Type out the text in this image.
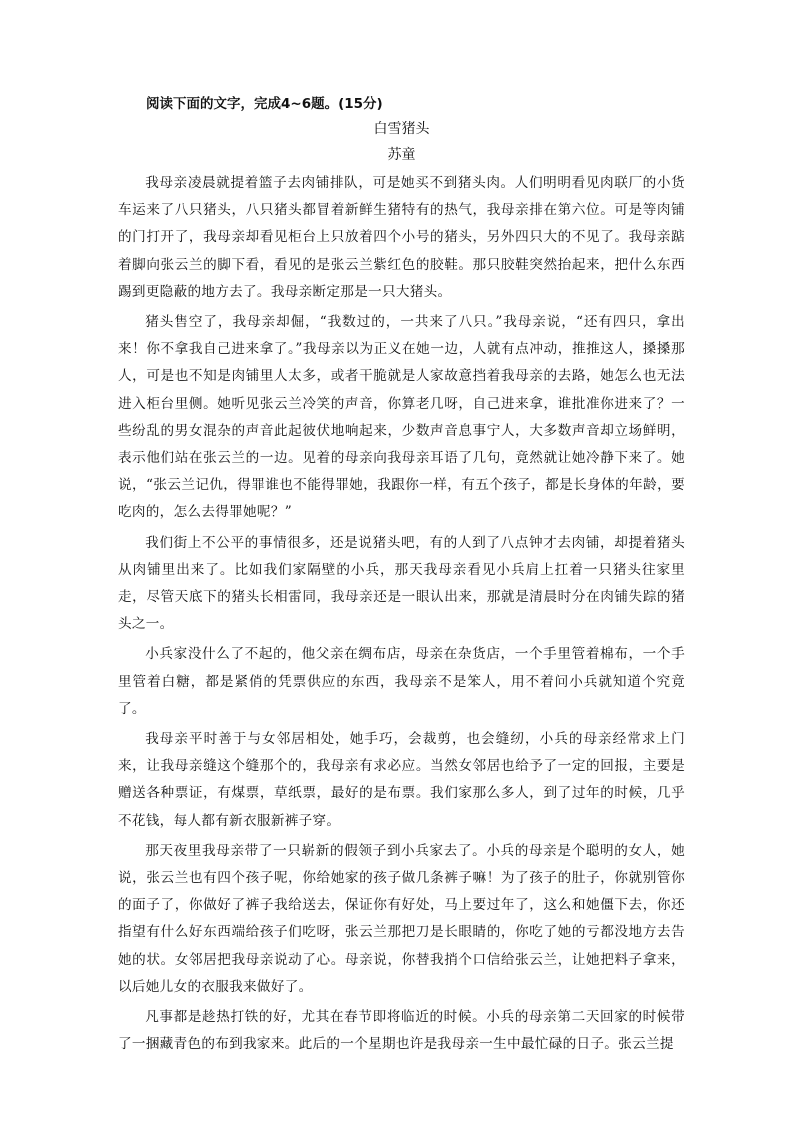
阅读下面的文字，完成4~6题。(15分)

白雪猪头

苏童

我母亲凌晨就提着篮子去肉铺排队，可是她买不到猪头肉。人们明明看见肉联厂的小货车运来了八只猪头，八只猪头都冒着新鲜生猪特有的热气，我母亲排在第六位。可是等肉铺的门打开了，我母亲却看见柜台上只放着四个小号的猪头，另外四只大的不见了。我母亲踮着脚向张云兰的脚下看，看见的是张云兰紫红色的胶鞋。那只胶鞋突然抬起来，把什么东西踢到更隐蔽的地方去了。我母亲断定那是一只大猪头。

猪头售空了，我母亲却倔，“我数过的，一共来了八只。”我母亲说，“还有四只，拿出来！你不拿我自己进来拿了。”我母亲以为正义在她一边，人就有点冲动，推推这人，搡搡那人，可是也不知是肉铺里人太多，或者干脆就是人家故意挡着我母亲的去路，她怎么也无法进入柜台里侧。她听见张云兰冷笑的声音，你算老几呀，自己进来拿，谁批准你进来了？一些纷乱的男女混杂的声音此起彼伏地响起来，少数声音息事宁人，大多数声音却立场鲜明，表示他们站在张云兰的一边。见着的母亲向我母亲耳语了几句，竟然就让她冷静下来了。她说，“张云兰记仇，得罪谁也不能得罪她，我跟你一样，有五个孩子，都是长身体的年龄，要吃肉的，怎么去得罪她呢？”

我们街上不公平的事情很多，还是说猪头吧，有的人到了八点钟才去肉铺，却提着猪头从肉铺里出来了。比如我们家隔壁的小兵，那天我母亲看见小兵肩上扛着一只猪头往家里走，尽管天底下的猪头长相雷同，我母亲还是一眼认出来，那就是清晨时分在肉铺失踪的猪头之一。

小兵家没什么了不起的，他父亲在绸布店，母亲在杂货店，一个手里管着棉布，一个手里管着白糖，都是紧俏的凭票供应的东西，我母亲不是笨人，用不着问小兵就知道个究竟了。

我母亲平时善于与女邻居相处，她手巧，会裁剪，也会缝纫，小兵的母亲经常求上门来，让我母亲缝这个缝那个的，我母亲有求必应。当然女邻居也给予了一定的回报，主要是赠送各种票证，有煤票，草纸票，最好的是布票。我们家那么多人，到了过年的时候，几乎不花钱，每人都有新衣服新裤子穿。

那天夜里我母亲带了一只崭新的假领子到小兵家去了。小兵的母亲是个聪明的女人，她说，张云兰也有四个孩子呢，你给她家的孩子做几条裤子嘛！为了孩子的肚子，你就别管你的面子了，你做好了裤子我给送去，保证你有好处，马上要过年了，这么和她僵下去，你还指望有什么好东西端给孩子们吃呀，张云兰那把刀是长眼睛的，你吃了她的亏都没地方去告她的状。女邻居把我母亲说动了心。母亲说，你替我捎个口信给张云兰，让她把料子拿来，以后她儿女的衣服我来做好了。

凡事都是趁热打铁的好，尤其在春节即将临近的时候。小兵的母亲第二天回家的时候带了一捆藏青色的布到我家来。此后的一个星期也许是我母亲一生中最忙碌的日子。张云兰提
